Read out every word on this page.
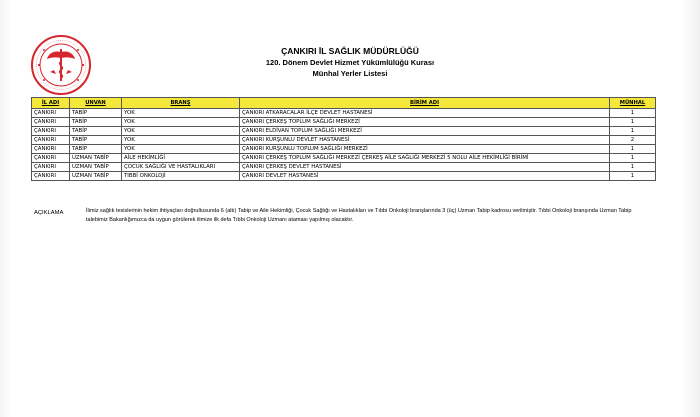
ÇANKIRI İL SAĞLIK MÜDÜRLÜĞÜ
120. Dönem Devlet Hizmet Yükümlülüğü Kurası
Münhal Yerler Listesi
İL ADI	UNVAN	BRANŞ	BİRİM ADI	MÜNHAL
ÇANKIRI	TABİP	YOK	ÇANKIRI ATKARACALAR İLÇE DEVLET HASTANESİ	1
ÇANKIRI	TABİP	YOK	ÇANKIRI ÇERKEŞ TOPLUM SAĞLIĞI MERKEZİ	1
ÇANKIRI	TABİP	YOK	ÇANKIRI ELDİVAN TOPLUM SAĞLIĞI MERKEZİ	1
ÇANKIRI	TABİP	YOK	ÇANKIRI KURŞUNLU DEVLET HASTANESİ	2
ÇANKIRI	TABİP	YOK	ÇANKIRI KURŞUNLU TOPLUM SAĞLIĞI MERKEZİ	1
ÇANKIRI	UZMAN TABİP	AİLE HEKİMLİĞİ	ÇANKIRI ÇERKEŞ TOPLUM SAĞLIĞI MERKEZİ ÇERKEŞ AİLE SAĞLIĞI MERKEZİ 5 NOLU AİLE HEKİMLİĞİ BİRİMİ	1
ÇANKIRI	UZMAN TABİP	ÇOCUK SAĞLIĞI VE HASTALIKLARI	ÇANKIRI ÇERKEŞ DEVLET HASTANESİ	1
ÇANKIRI	UZMAN TABİP	TIBBİ ONKOLOJİ	ÇANKIRI DEVLET HASTANESİ	1
AÇIKLAMA	İlimiz sağlık tesislerinin hekim ihtiyaçları doğrultusunda 6 (altı) Tabip ve Aile Hekimliği, Çocuk Sağlığı ve Hastalıkları ve Tıbbi Onkoloji branşlarında 3 (üç) Uzman Tabip kadrosu verilmiştir. Tıbbi Onkoloji branşında Uzman Tabip talebimiz Bakanlığımızca da uygun görülerek ilimize ilk defa Tıbbi Onkoloji Uzmanı ataması yapılmış olacaktır.
